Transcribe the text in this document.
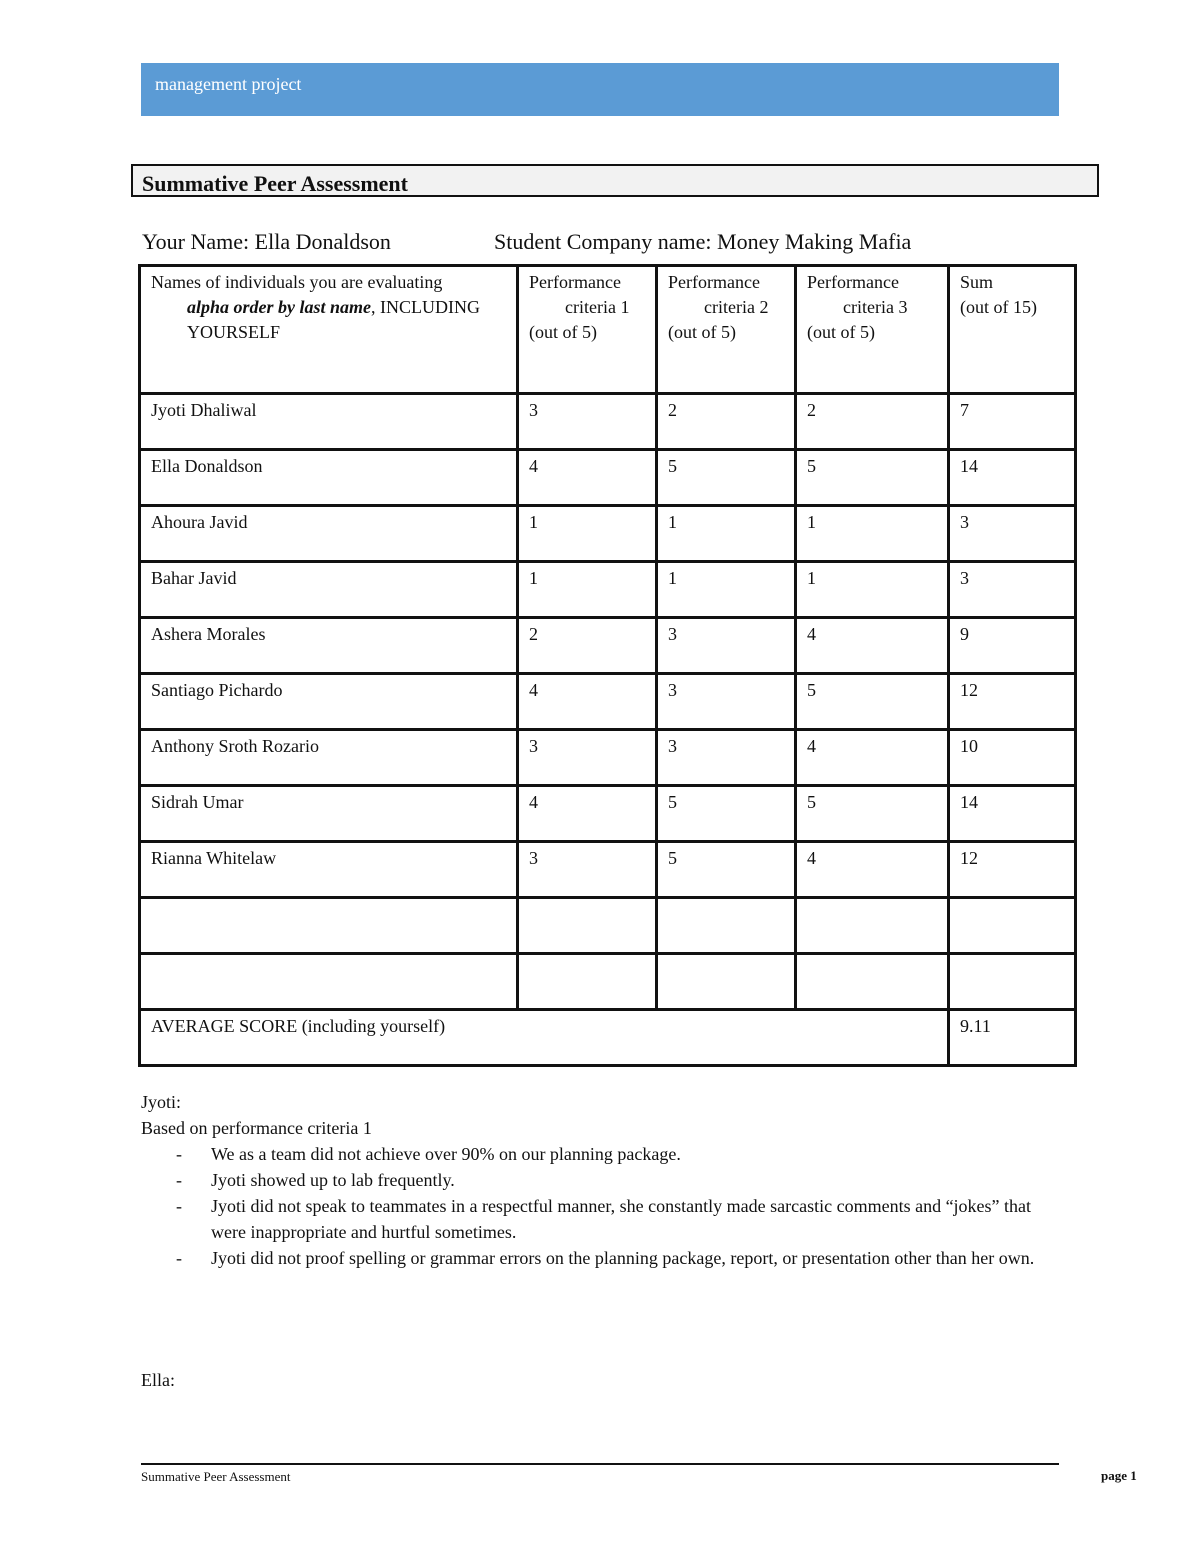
management project
Summative Peer Assessment
Your Name: Ella Donaldson	Student Company name: Money Making Mafia
Names of individuals you are evaluating
alpha order by last name, INCLUDING
YOURSELF	Performance
criteria 1
(out of 5)	Performance
criteria 2
(out of 5)	Performance
criteria 3
(out of 5)	Sum
(out of 15)
Jyoti Dhaliwal	3	2	2	7
Ella Donaldson	4	5	5	14
Ahoura Javid	1	1	1	3
Bahar Javid	1	1	1	3
Ashera Morales	2	3	4	9
Santiago Pichardo	4	3	5	12
Anthony Sroth Rozario	3	3	4	10
Sidrah Umar	4	5	5	14
Rianna Whitelaw	3	5	4	12

AVERAGE SCORE (including yourself)				9.11
Jyoti:
Based on performance criteria 1
- We as a team did not achieve over 90% on our planning package.
- Jyoti showed up to lab frequently.
- Jyoti did not speak to teammates in a respectful manner, she constantly made sarcastic comments and “jokes” that were inappropriate and hurtful sometimes.
- Jyoti did not proof spelling or grammar errors on the planning package, report, or presentation other than her own.
Ella:
Summative Peer Assessment	page 1
